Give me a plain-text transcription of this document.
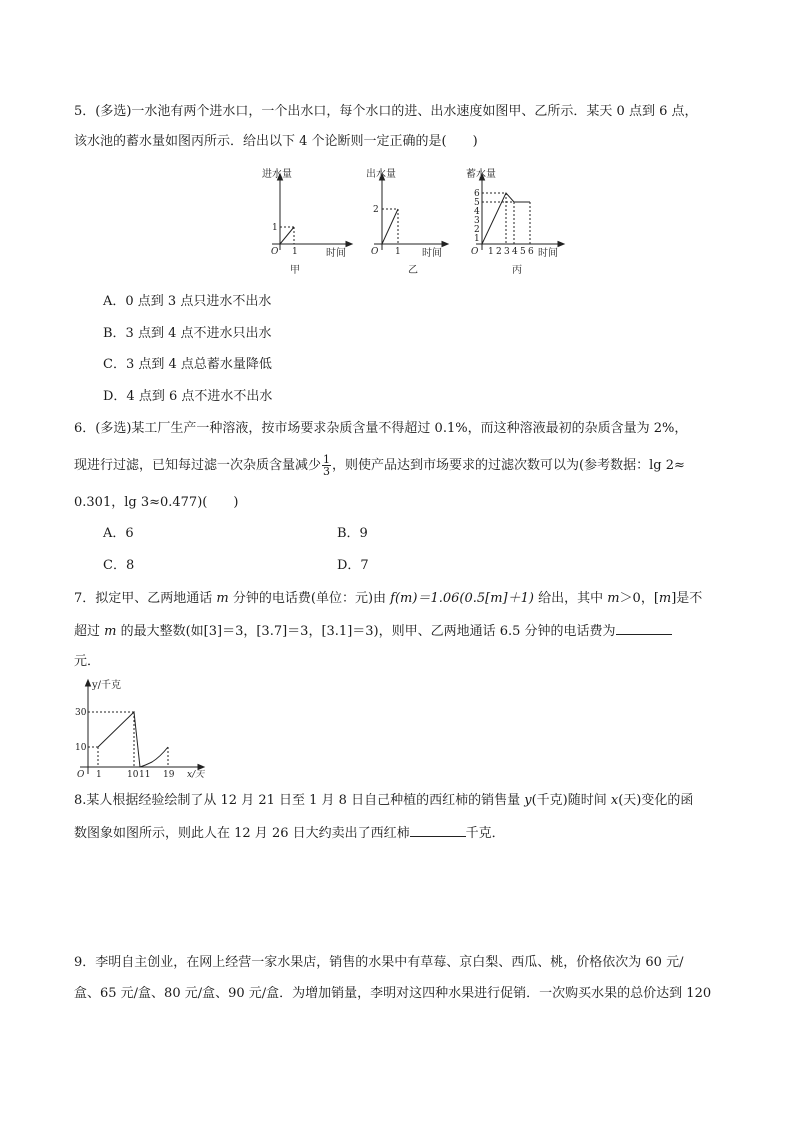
5．(多选)一水池有两个进水口，一个出水口，每个水口的进、出水速度如图甲、乙所示．某天 0 点到 6 点，
该水池的蓄水量如图丙所示．给出以下 4 个论断则一定正确的是(　　)
进水量
1
O 1	时间
甲
出水量
2
O 1 时间
乙
蓄水量
6
5
4
3
2
1
O 1 2 3 4 5 6 时间
丙
A．0 点到 3 点只进水不出水
B．3 点到 4 点不进水只出水
C．3 点到 4 点总蓄水量降低
D．4 点到 6 点不进水不出水
6．(多选)某工厂生产一种溶液，按市场要求杂质含量不得超过 0.1%，而这种溶液最初的杂质含量为 2%，
现进行过滤，已知每过滤一次杂质含量减少 $\frac{1}{3}$ ，则使产品达到市场要求的过滤次数可以为(参考数据：lg 2≈
0.301，lg 3≈0.477)(　　)
A．6	B．9
C．8	D．7
7．拟定甲、乙两地通话 m 分钟的电话费(单位：元)由 f(m)＝1.06(0.5[m]＋1) 给出，其中 m＞0，[m]是不
超过 m 的最大整数(如[3]＝3，[3.7]＝3，[3.1]＝3)，则甲、乙两地通话 6.5 分钟的电话费为
元．
y/千克
30
10
O 1	10 11 19 x/天
8.某人根据经验绘制了从 12 月 21 日至 1 月 8 日自己种植的西红柿的销售量 y(千克)随时间 x(天)变化的函
数图象如图所示，则此人在 12 月 26 日大约卖出了西红柿	千克．
9．李明自主创业，在网上经营一家水果店，销售的水果中有草莓、京白梨、西瓜、桃，价格依次为 60 元/
盒、65 元/盒、80 元/盒、90 元/盒．为增加销量，李明对这四种水果进行促销．一次购买水果的总价达到 120
